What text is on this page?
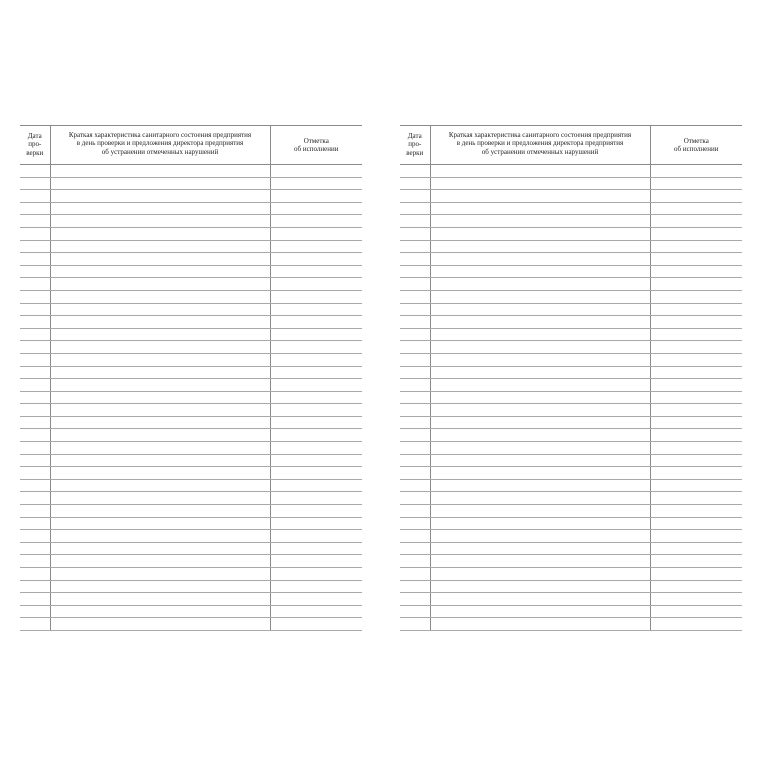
Дата
про-
верки	Краткая характеристика санитарного состоения предприятия
в день проверки и предложения директора предприятия
об устранении отмеченных нарушений	Отметка
об исполнении

Дата
про-
верки	Краткая характеристика санитарного состоения предприятия
в день проверки и предложения директора предприятия
об устранении отмеченных нарушений	Отметка
об исполнении
